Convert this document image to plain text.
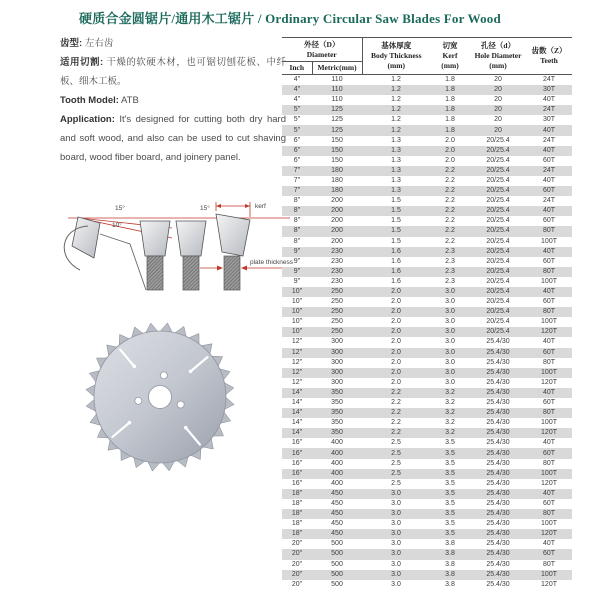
硬质合金圆锯片/通用木工锯片 / Ordinary Circular Saw Blades For Wood

齿型: 左右齿

适用切割: 干燥的软硬木材，也可锯切刨花板、中纤板、细木工板。

Tooth Model: ATB

Application: It's designed for cutting both dry hard and soft wood, and also can be used to cut shaving board, wood fiber board, and joinery panel.

15°
10°
15°	kerf
plate thickness
外径（D）
Diameter		基体厚度
Body Thickness
(mm)	切宽
Kerf
(mm)	孔径（d）
Hole Diameter
(mm)	齿数（Z）
Teeth

Inch	Metric(mm)				
4"	110	1.2	1.8	20	24T
4"	110	1.2	1.8	20	30T
4"	110	1.2	1.8	20	40T
5"	125	1.2	1.8	20	24T
5"	125	1.2	1.8	20	30T
5"	125	1.2	1.8	20	40T
6"	150	1.3	2.0	20/25.4	24T
6"	150	1.3	2.0	20/25.4	40T
6"	150	1.3	2.0	20/25.4	60T
7"	180	1.3	2.2	20/25.4	24T
7"	180	1.3	2.2	20/25.4	40T
7"	180	1.3	2.2	20/25.4	60T
8"	200	1.5	2.2	20/25.4	24T
8"	200	1.5	2.2	20/25.4	40T
8"	200	1.5	2.2	20/25.4	60T
8"	200	1.5	2.2	20/25.4	80T
8"	200	1.5	2.2	20/25.4	100T
9"	230	1.6	2.3	20/25.4	40T
9"	230	1.6	2.3	20/25.4	60T
9"	230	1.6	2.3	20/25.4	80T
9"	230	1.6	2.3	20/25.4	100T
10"	250	2.0	3.0	20/25.4	40T
10"	250	2.0	3.0	20/25.4	60T
10"	250	2.0	3.0	20/25.4	80T
10"	250	2.0	3.0	20/25.4	100T
10"	250	2.0	3.0	20/25.4	120T
12"	300	2.0	3.0	25.4/30	40T
12"	300	2.0	3.0	25.4/30	60T
12"	300	2.0	3.0	25.4/30	80T
12"	300	2.0	3.0	25.4/30	100T
12"	300	2.0	3.0	25.4/30	120T
14"	350	2.2	3.2	25.4/30	40T
14"	350	2.2	3.2	25.4/30	60T
14"	350	2.2	3.2	25.4/30	80T
14"	350	2.2	3.2	25.4/30	100T
14"	350	2.2	3.2	25.4/30	120T
16"	400	2.5	3.5	25.4/30	40T
16"	400	2.5	3.5	25.4/30	60T
16"	400	2.5	3.5	25.4/30	80T
16"	400	2.5	3.5	25.4/30	100T
16"	400	2.5	3.5	25.4/30	120T
18"	450	3.0	3.5	25.4/30	40T
18"	450	3.0	3.5	25.4/30	60T
18"	450	3.0	3.5	25.4/30	80T
18"	450	3.0	3.5	25.4/30	100T
18"	450	3.0	3.5	25.4/30	120T
20"	500	3.0	3.8	25.4/30	40T
20"	500	3.0	3.8	25.4/30	60T
20"	500	3.0	3.8	25.4/30	80T
20"	500	3.0	3.8	25.4/30	100T
20"	500	3.0	3.8	25.4/30	120T
